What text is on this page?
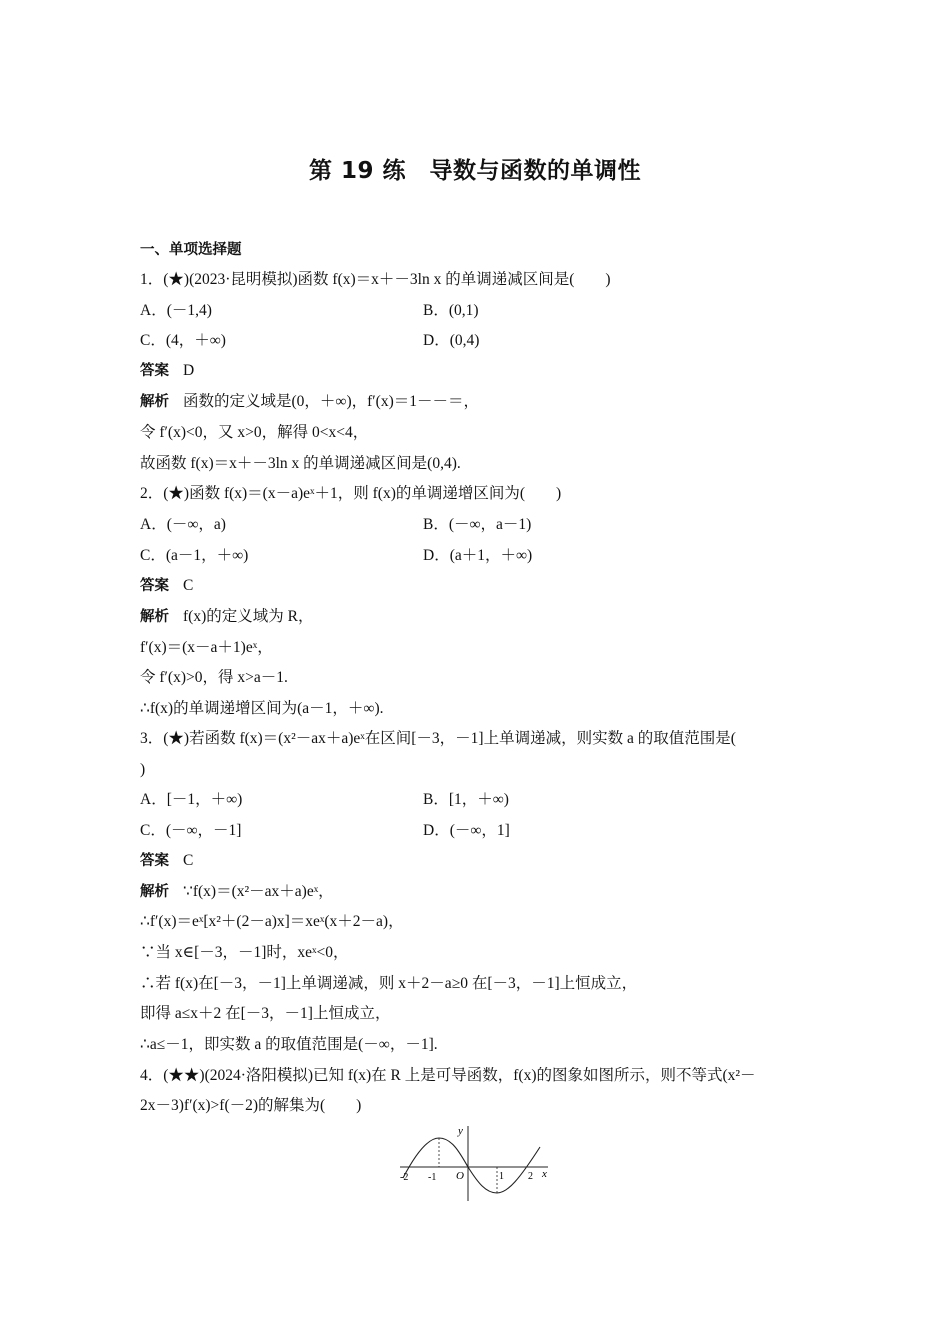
第 19 练　导数与函数的单调性
一、单项选择题
1．(★)(2023·昆明模拟)函数 f(x)＝x＋－3ln x 的单调递减区间是(　　)
A．(－1,4)	B．(0,1)
C．(4，＋∞)	D．(0,4)
答案 D
解析 函数的定义域是(0，＋∞)，f′(x)＝1－－＝，
令 f′(x)<0，又 x>0，解得 0<x<4，
故函数 f(x)＝x＋－3ln x 的单调递减区间是(0,4).
2．(★)函数 f(x)＝(x－a)eˣ＋1，则 f(x)的单调递增区间为(　　)
A．(－∞，a)	B．(－∞，a－1)
C．(a－1，＋∞)	D．(a＋1，＋∞)
答案 C
解析 f(x)的定义域为 R，
f′(x)＝(x－a＋1)eˣ，
令 f′(x)>0，得 x>a－1.
∴f(x)的单调递增区间为(a－1，＋∞).
3．(★)若函数 f(x)＝(x²－ax＋a)eˣ在区间[－3，－1]上单调递减，则实数 a 的取值范围是(
)
A．[－1，＋∞)	B．[1，＋∞)
C．(－∞，－1]	D．(－∞，1]
答案 C
解析 ∵f(x)＝(x²－ax＋a)eˣ，
∴f′(x)＝eˣ[x²＋(2－a)x]＝xeˣ(x＋2－a)，
∵当 x∈[－3，－1]时，xeˣ<0，
∴若 f(x)在[－3，－1]上单调递减，则 x＋2－a≥0 在[－3，－1]上恒成立，
即得 a≤x＋2 在[－3，－1]上恒成立，
∴a≤－1，即实数 a 的取值范围是(－∞，－1].
4．(★★)(2024·洛阳模拟)已知 f(x)在 R 上是可导函数，f(x)的图象如图所示，则不等式(x²－
2x－3)f′(x)>f(－2)的解集为(　　)
y
x
O
-2 -1	1 2
